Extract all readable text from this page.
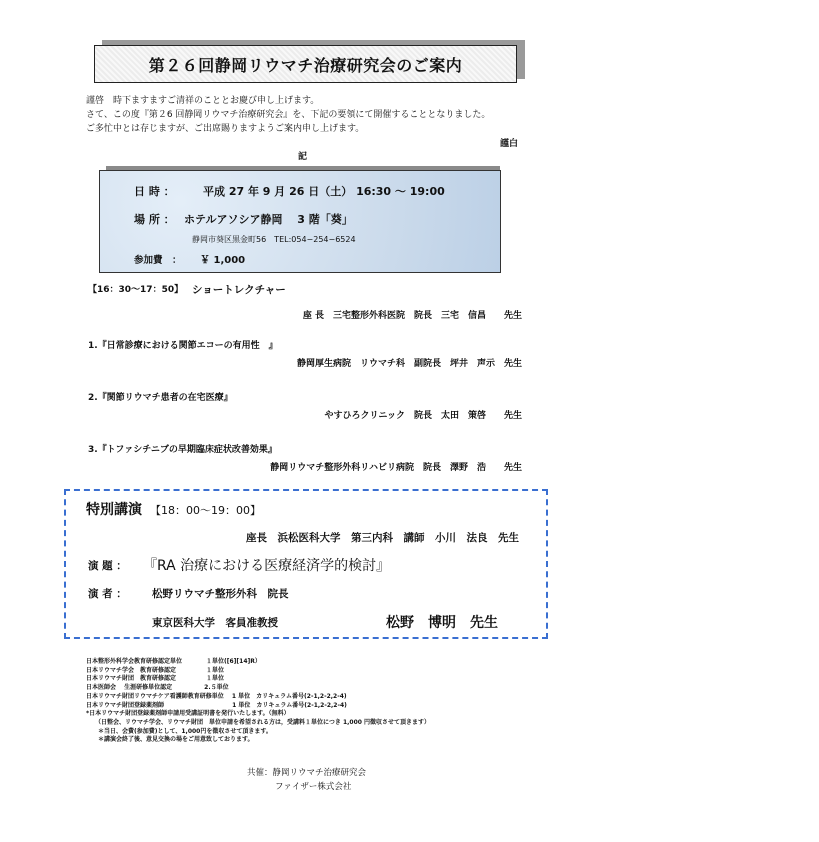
第２６回静岡リウマチ治療研究会のご案内
謹啓　時下ますますご清祥のこととお慶び申し上げます。
さて、この度『第２6 回静岡リウマチ治療研究会』を、下記の要領にて開催することとなりました。
ご多忙中とは存じますが、ご出席賜りますようご案内申し上げます。
謹白
記
日 時 ：	平成 27 年 9 月 26 日（土） 16:30 〜 19:00
場 所 ： ホテルアソシア静岡　 3 階「葵」
静岡市葵区黒金町56　TEL:054−254−6524
参加費　： ￥ 1,000
【16：30〜17：50】 ショートレクチャー
座 長　三宅整形外科医院　院長　三宅　信昌　　先生
1.『日常診療における関節エコーの有用性　』
静岡厚生病院　リウマチ科　副院長　坪井　声示　先生
2.『関節リウマチ患者の在宅医療』
やすひろクリニック　院長　太田　策啓　　先生
3.『トファシチニブの早期臨床症状改善効果』
静岡リウマチ整形外科リハビリ病院　院長　澤野　浩　　先生
特別講演 【18：00〜19：00】
座長　浜松医科大学　第三内科　講師　小川　法良　先生
演 題 ： 『RA 治療における医療経済学的検討』
演 者 ： 松野リウマチ整形外科　院長
東京医科大学　客員准教授	松野　博明　先生
日本整形外科学会教育研修認定単位　　　　１単位([6][14]R）
日本リウマチ学会　教育研修認定　　　　　１単位
日本リウマチ財団　教育研修認定　　　　　１単位
日本医師会　 生涯研修単位認定　　　　　 2.５単位
日本リウマチ財団リウマチケア看護師教育研修単位　 1 単位　カリキュラム番号(2-1,2-2,2-4)
日本リウマチ財団登録薬剤師　　　　　　　　　　　 1 単位　カリキュラム番号(2-1,2-2,2-4)
*日本リウマチ財団登録薬剤師申請用受講証明書を発行いたします。（無料）
　　（日整会、リウマチ学会、リウマチ財団　単位申請を希望される方は，受講料１単位につき 1,000 円徴収させて頂きます）
　　＊当日、会費(参加費)として、1,000円を徴収させて頂きます。
　　＊講演会終了後、意見交換の場をご用意致しております。
共催：静岡リウマチ治療研究会
ファイザー株式会社
